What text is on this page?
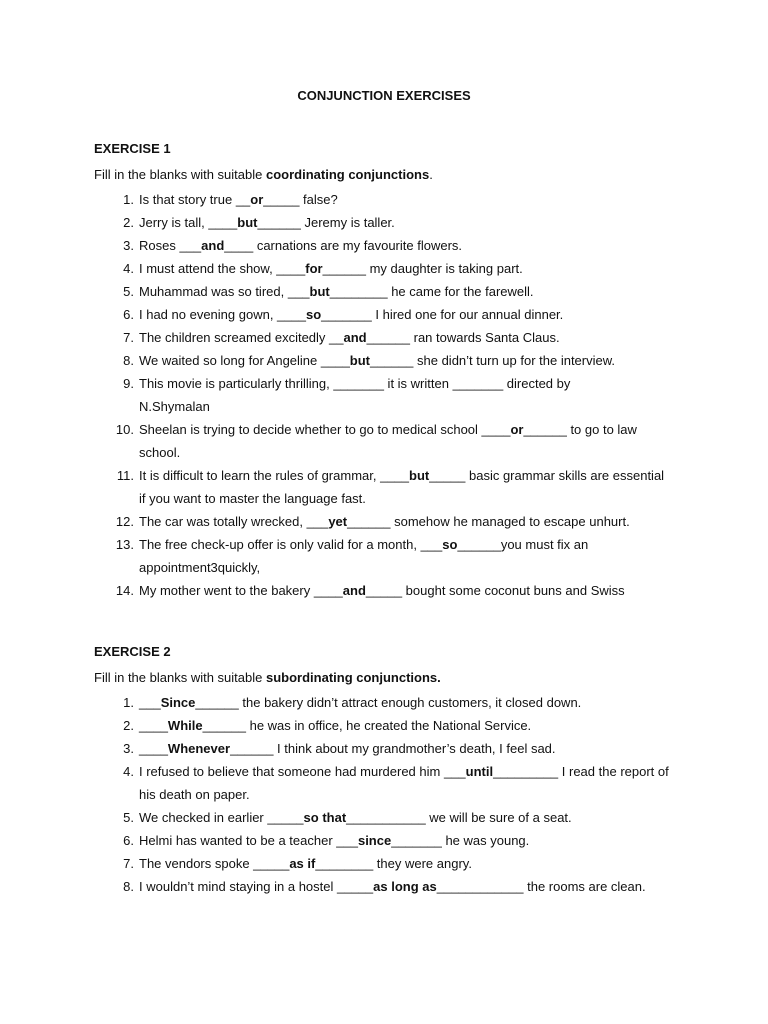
CONJUNCTION EXERCISES
EXERCISE 1
Fill in the blanks with suitable coordinating conjunctions.
1. Is that story true __or_____ false?
2. Jerry is tall, ____but______ Jeremy is taller.
3. Roses ___and____ carnations are my favourite flowers.
4. I must attend the show, ____for______ my daughter is taking part.
5. Muhammad was so tired, ___but________ he came for the farewell.
6. I had no evening gown, ____so_______ I hired one for our annual dinner.
7. The children screamed excitedly __and______ ran towards Santa Claus.
8. We waited so long for Angeline ____but______ she didn’t turn up for the interview.
9. This movie is particularly thrilling, _______ it is written _______ directed by N.Shymalan
10. Sheelan is trying to decide whether to go to medical school ____or______ to go to law school.
11. It is difficult to learn the rules of grammar, ____but_____ basic grammar skills are essential if you want to master the language fast.
12. The car was totally wrecked, ___yet______ somehow he managed to escape unhurt.
13. The free check-up offer is only valid for a month, ___so______you must fix an appointment3quickly,
14. My mother went to the bakery ____and_____ bought some coconut buns and Swiss
EXERCISE 2
Fill in the blanks with suitable subordinating conjunctions.
1. ___Since______ the bakery didn’t attract enough customers, it closed down.
2. ____While______ he was in office, he created the National Service.
3. ____Whenever______ I think about my grandmother’s death, I feel sad.
4. I refused to believe that someone had murdered him ___until_________ I read the report of his death on paper.
5. We checked in earlier _____so that___________ we will be sure of a seat.
6. Helmi has wanted to be a teacher ___since_______ he was young.
7. The vendors spoke _____as if________ they were angry.
8. I wouldn’t mind staying in a hostel _____as long as____________ the rooms are clean.
